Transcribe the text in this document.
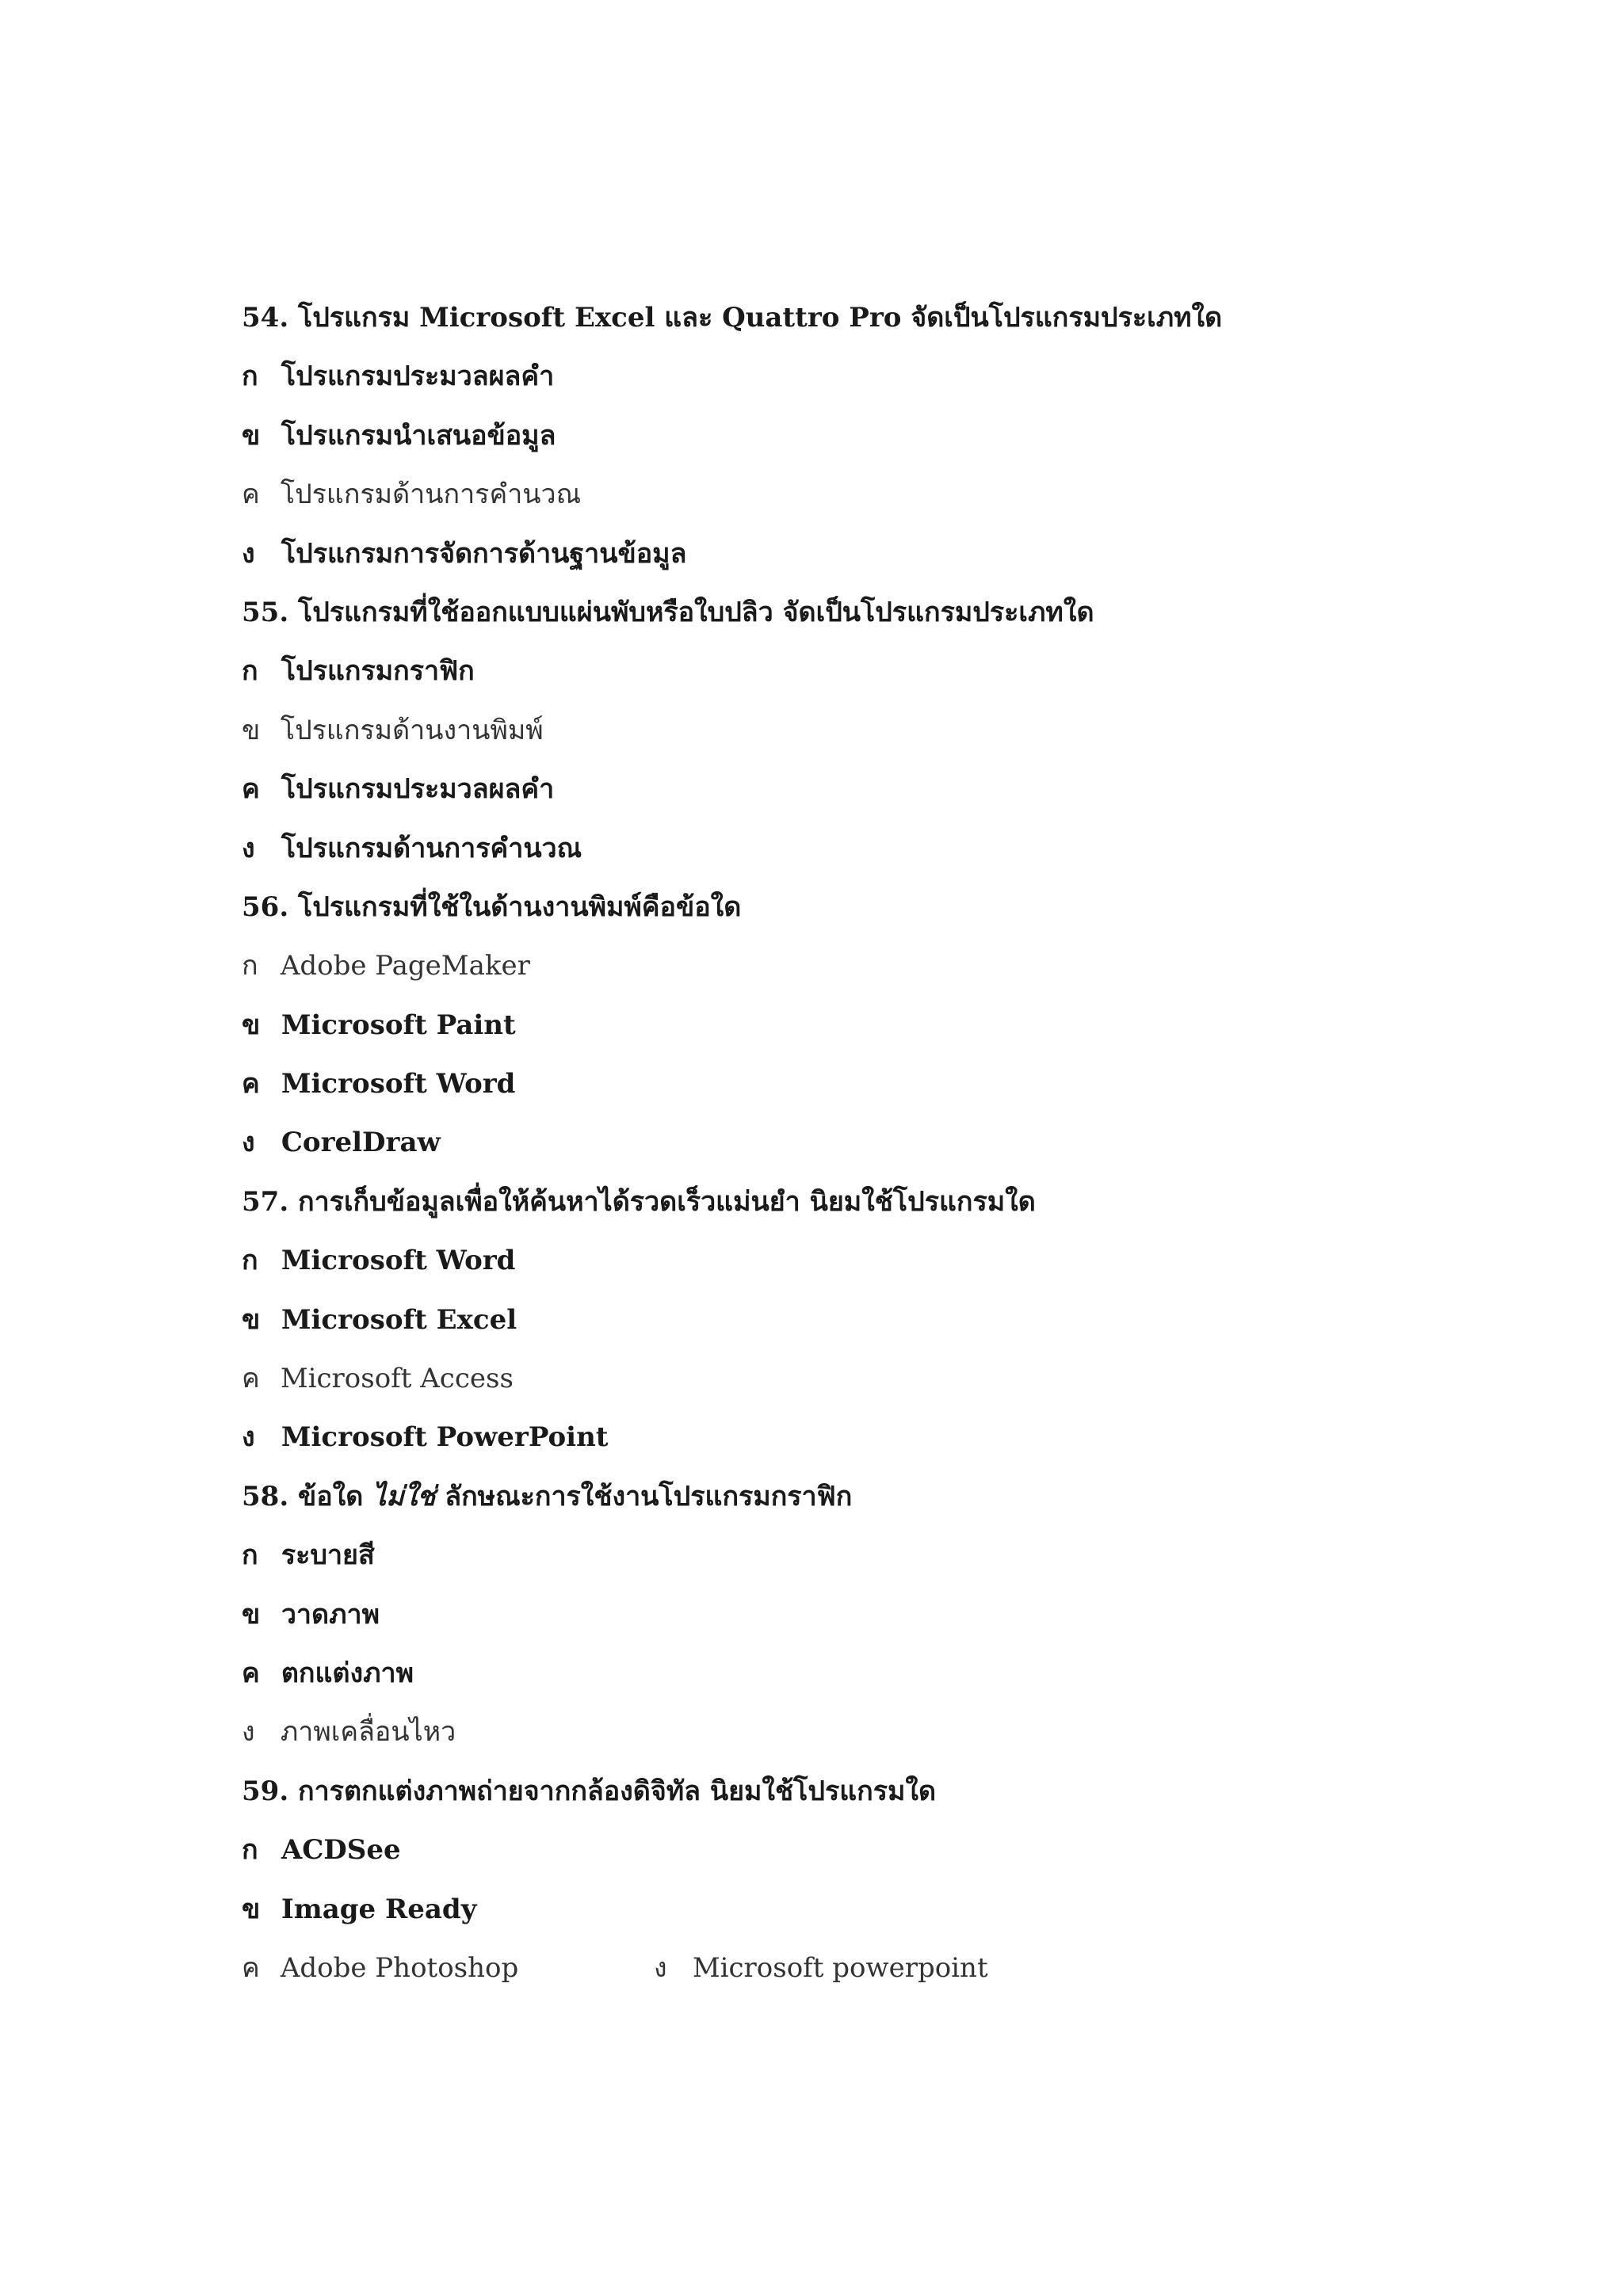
54. โปรแกรม Microsoft Excel และ Quattro Pro จัดเป็นโปรแกรมประเภทใด
ก โปรแกรมประมวลผลคำ
ข โปรแกรมนำเสนอข้อมูล
ค โปรแกรมด้านการคำนวณ
ง โปรแกรมการจัดการด้านฐานข้อมูล
55. โปรแกรมที่ใช้ออกแบบแผ่นพับหรือใบปลิว จัดเป็นโปรแกรมประเภทใด
ก โปรแกรมกราฟิก
ข โปรแกรมด้านงานพิมพ์
ค โปรแกรมประมวลผลคำ
ง โปรแกรมด้านการคำนวณ
56. โปรแกรมที่ใช้ในด้านงานพิมพ์คือข้อใด
ก Adobe PageMaker
ข Microsoft Paint
ค Microsoft Word
ง CorelDraw
57. การเก็บข้อมูลเพื่อให้ค้นหาได้รวดเร็วแม่นยำ นิยมใช้โปรแกรมใด
ก Microsoft Word
ข Microsoft Excel
ค Microsoft Access
ง Microsoft PowerPoint
58. ข้อใด ไม่ใช่ ลักษณะการใช้งานโปรแกรมกราฟิก
ก ระบายสี
ข วาดภาพ
ค ตกแต่งภาพ
ง ภาพเคลื่อนไหว
59. การตกแต่งภาพถ่ายจากกล้องดิจิทัล นิยมใช้โปรแกรมใด
ก ACDSee
ข Image Ready
ค Adobe Photoshop	ง Microsoft powerpoint
